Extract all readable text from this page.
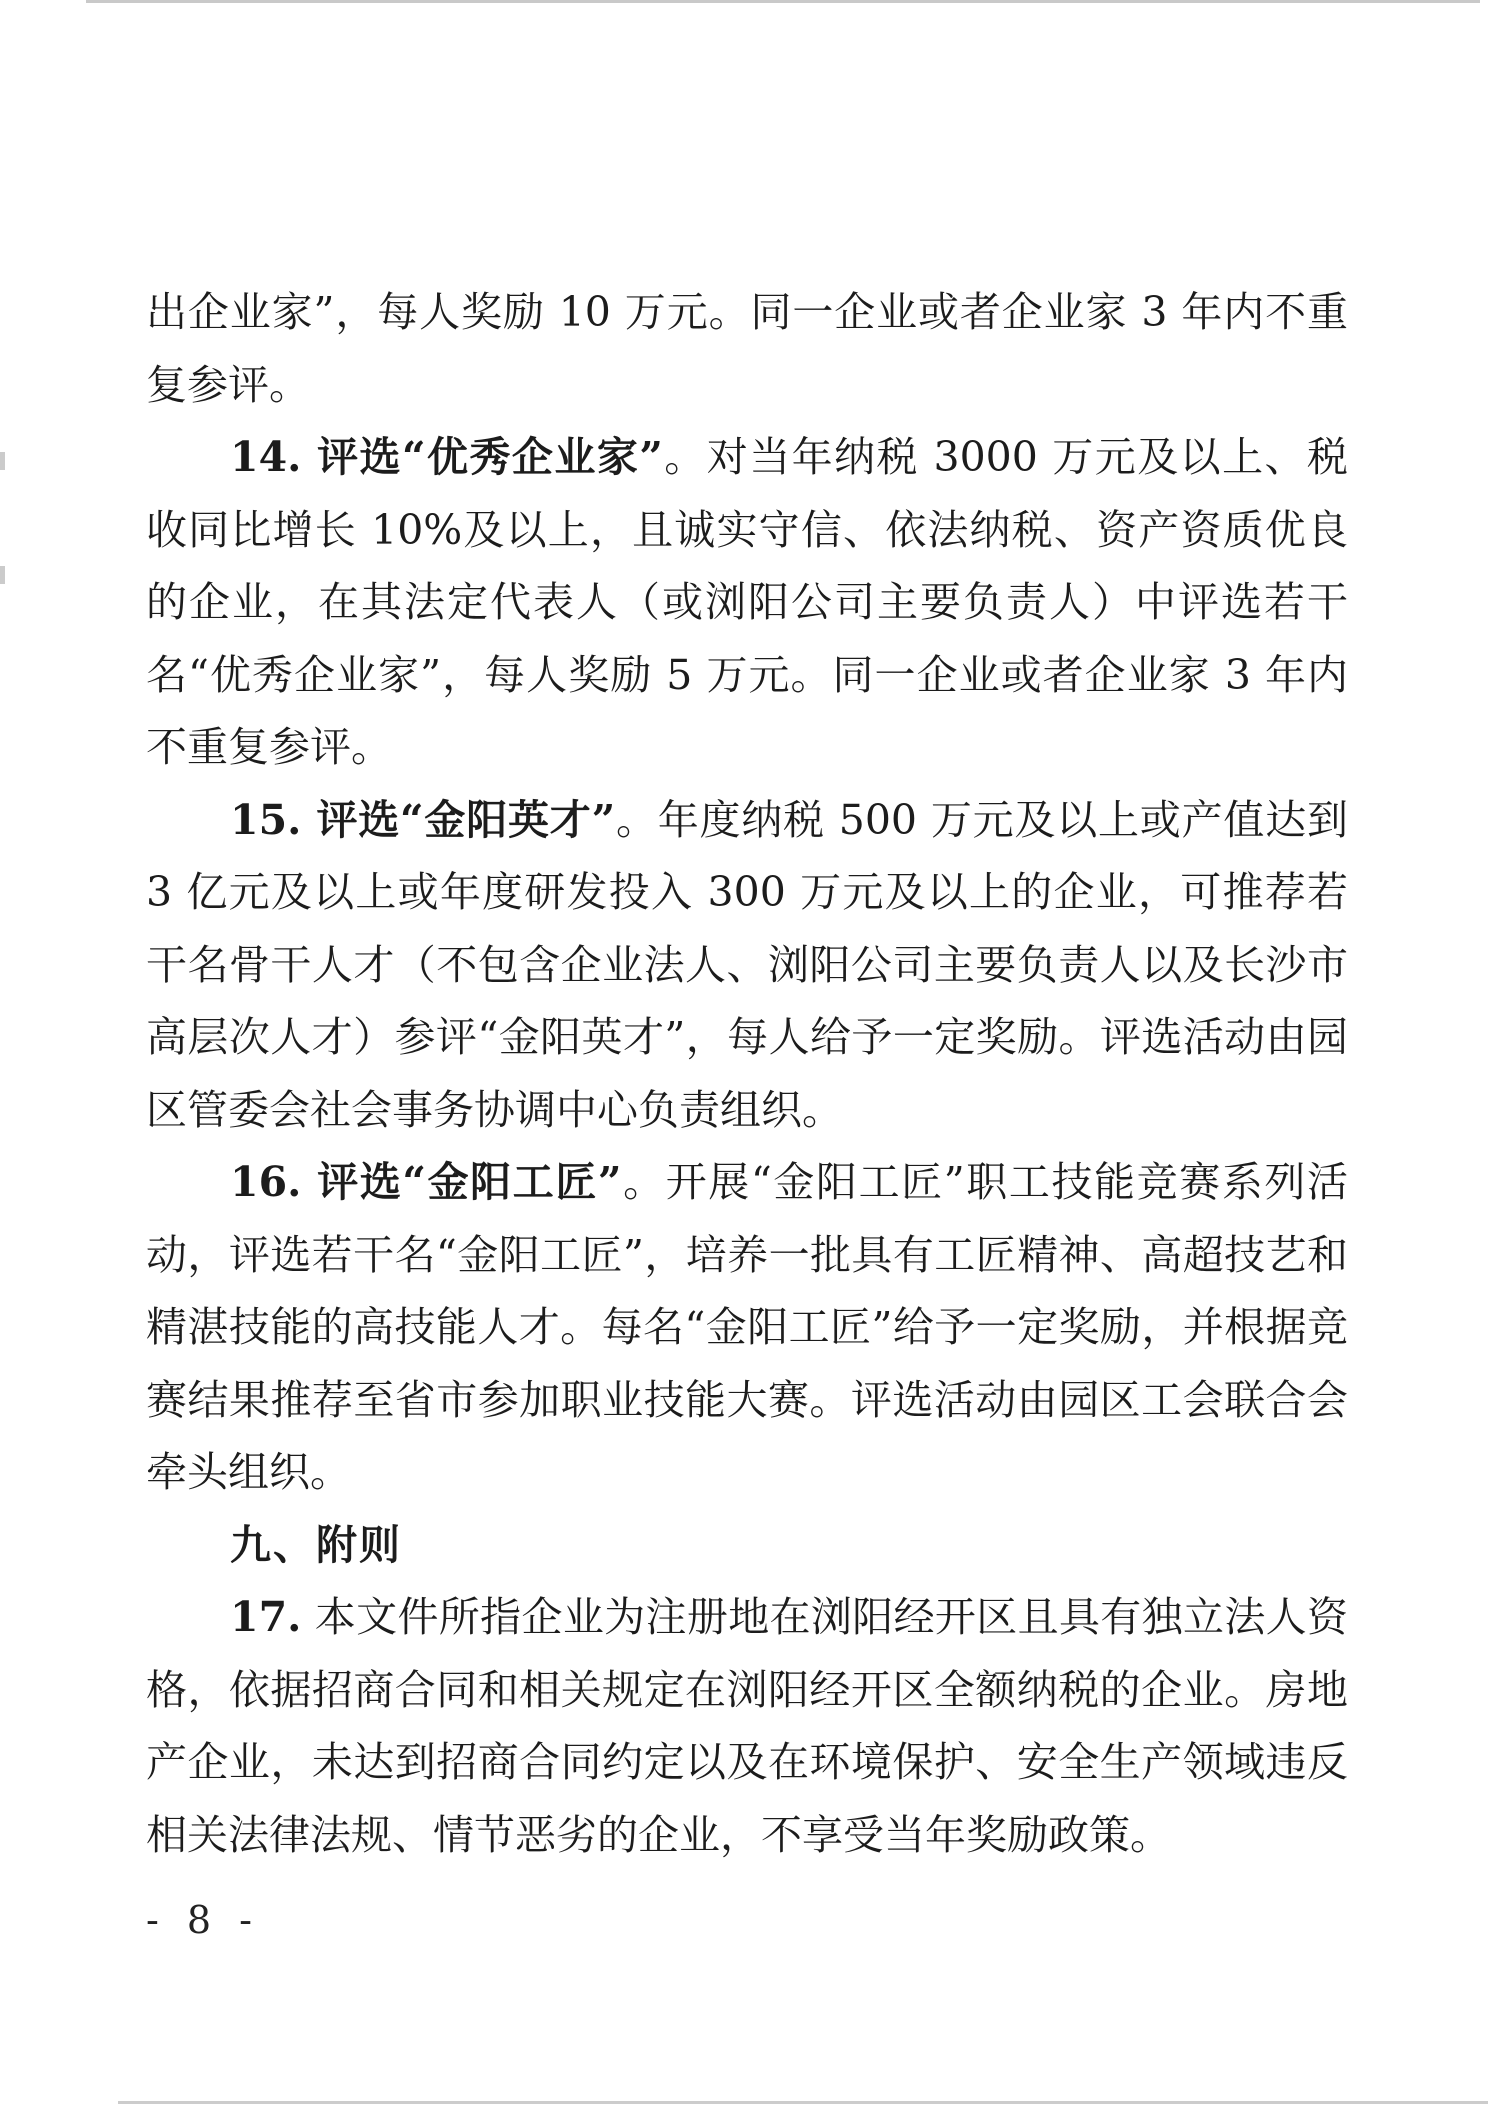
出企业家”，每人奖励 10 万元。同一企业或者企业家 3 年内不重复参评。

14. 评选“优秀企业家”。对当年纳税 3000 万元及以上、税收同比增长 10%及以上，且诚实守信、依法纳税、资产资质优良的企业，在其法定代表人（或浏阳公司主要负责人）中评选若干名“优秀企业家”，每人奖励 5 万元。同一企业或者企业家 3 年内不重复参评。

15. 评选“金阳英才”。年度纳税 500 万元及以上或产值达到 3 亿元及以上或年度研发投入 300 万元及以上的企业，可推荐若干名骨干人才（不包含企业法人、浏阳公司主要负责人以及长沙市高层次人才）参评“金阳英才”，每人给予一定奖励。评选活动由园区管委会社会事务协调中心负责组织。

16. 评选“金阳工匠”。开展“金阳工匠”职工技能竞赛系列活动，评选若干名“金阳工匠”，培养一批具有工匠精神、高超技艺和精湛技能的高技能人才。每名“金阳工匠”给予一定奖励，并根据竞赛结果推荐至省市参加职业技能大赛。评选活动由园区工会联合会牵头组织。

九、附则

17. 本文件所指企业为注册地在浏阳经开区且具有独立法人资格，依据招商合同和相关规定在浏阳经开区全额纳税的企业。房地产企业，未达到招商合同约定以及在环境保护、安全生产领域违反相关法律法规、情节恶劣的企业，不享受当年奖励政策。

- 8 -
